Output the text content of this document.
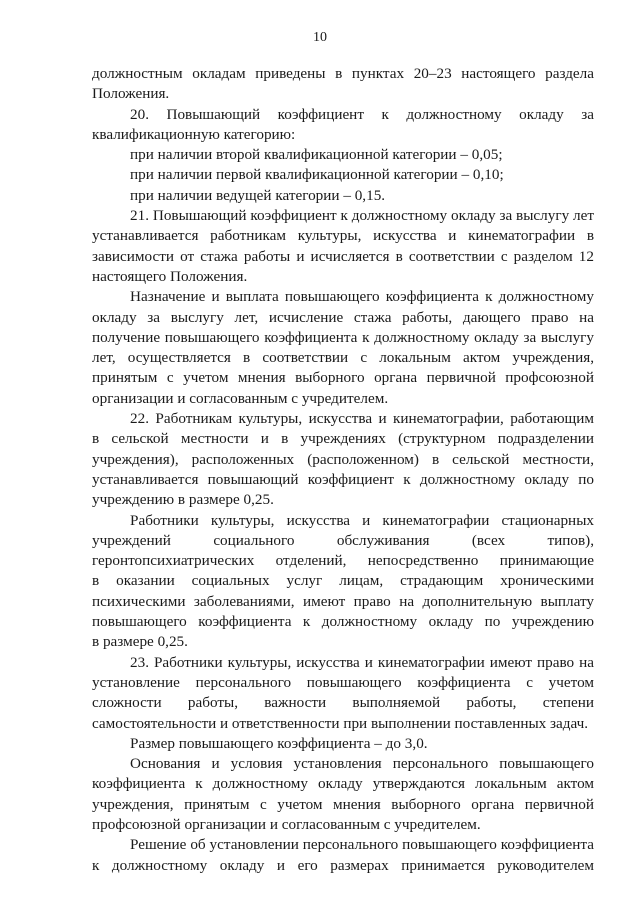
10
должностным окладам приведены в пунктах 20–23 настоящего раздела
Положения.
20. Повышающий коэффициент к должностному окладу за
квалификационную категорию:
при наличии второй квалификационной категории – 0,05;
при наличии первой квалификационной категории – 0,10;
при наличии ведущей категории – 0,15.
21. Повышающий коэффициент к должностному окладу за выслугу лет
устанавливается работникам культуры, искусства и кинематографии в
зависимости от стажа работы и исчисляется в соответствии с разделом 12
настоящего Положения.
Назначение и выплата повышающего коэффициента к должностному
окладу за выслугу лет, исчисление стажа работы, дающего право на
получение повышающего коэффициента к должностному окладу за выслугу
лет, осуществляется в соответствии с локальным актом учреждения,
принятым с учетом мнения выборного органа первичной профсоюзной
организации и согласованным с учредителем.
22. Работникам культуры, искусства и кинематографии, работающим
в сельской местности и в учреждениях (структурном подразделении
учреждения), расположенных (расположенном) в сельской местности,
устанавливается повышающий коэффициент к должностному окладу по
учреждению в размере 0,25.
Работники культуры, искусства и кинематографии стационарных
учреждений социального обслуживания (всех типов),
геронтопсихиатрических отделений, непосредственно принимающие
в оказании социальных услуг лицам, страдающим хроническими
психическими заболеваниями, имеют право на дополнительную выплату
повышающего коэффициента к должностному окладу по учреждению
в размере 0,25.
23. Работники культуры, искусства и кинематографии имеют право на
установление персонального повышающего коэффициента с учетом
сложности работы, важности выполняемой работы, степени
самостоятельности и ответственности при выполнении поставленных задач.
Размер повышающего коэффициента – до 3,0.
Основания и условия установления персонального повышающего
коэффициента к должностному окладу утверждаются локальным актом
учреждения, принятым с учетом мнения выборного органа первичной
профсоюзной организации и согласованным с учредителем.
Решение об установлении персонального повышающего коэффициента
к должностному окладу и его размерах принимается руководителем
